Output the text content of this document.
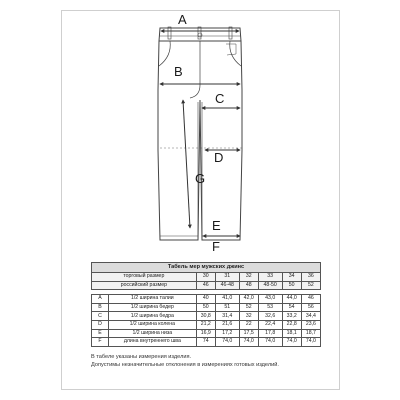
A
B
C
D
G
E
F
Табель мер мужских джинс							
торговый размер		30	31	32	33	34	36
российский размер		46	46-48	48	48-50	50	52

A	1/2 ширина талии	40	41,0	42,0	43,0	44,0	46
B	1/2 ширина бедер	50	51	52	53	54	56
C	1/2 ширина бедра	30,8	31,4	32	32,6	33,2	34,4
D	1/2 ширина колена	21,2	21,6	22	22,4	22,8	23,6
E	1/2 ширина низа	16,9	17,2	17,5	17,8	18,1	18,7
F	длина внутреннего шва	74	74,0	74,0	74,0	74,0	74,0
В табелe указаны измерения изделия.
Допустимы незначительные отклонения в измерениях готовых изделий.
